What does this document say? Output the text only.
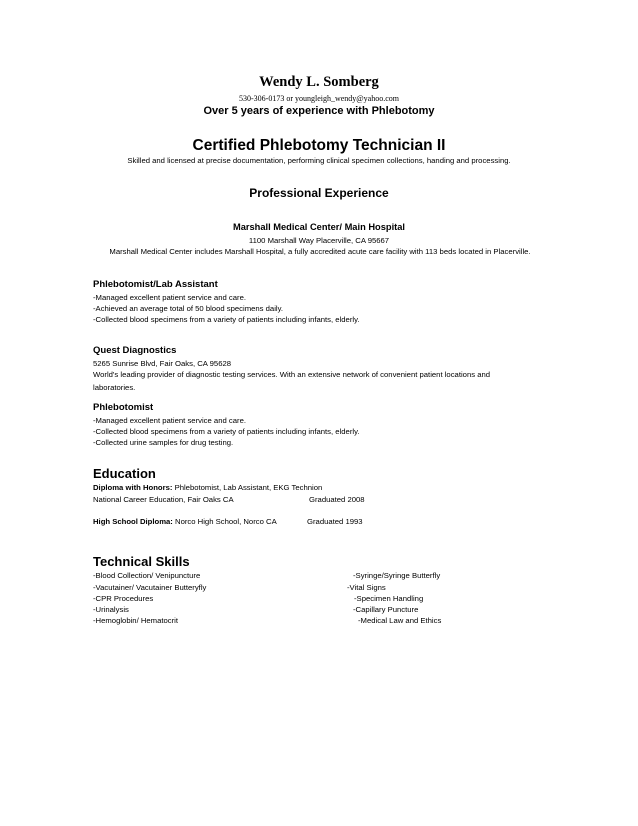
Wendy L. Somberg
530-306-0173 or youngleigh_wendy@yahoo.com
Over 5 years of experience with Phlebotomy
Certified Phlebotomy Technician II
Skilled and licensed at precise documentation, performing clinical specimen collections, handing and processing.
Professional Experience
Marshall Medical Center/ Main Hospital
1100 Marshall Way Placerville, CA 95667
Marshall Medical Center includes Marshall Hospital, a fully accredited acute care facility with 113 beds located in Placerville.
Phlebotomist/Lab Assistant
-Managed excellent patient service and care.
-Achieved an average total of 50 blood specimens daily.
-Collected blood specimens from a variety of patients including infants, elderly.
Quest Diagnostics
5265 Sunrise Blvd, Fair Oaks, CA 95628
World's leading provider of diagnostic testing services. With an extensive network of convenient patient locations and laboratories.
Phlebotomist
-Managed excellent patient service and care.
-Collected blood specimens from a variety of patients including infants, elderly.
-Collected urine samples for drug testing.
Education
Diploma with Honors: Phlebotomist, Lab Assistant, EKG Technion
National Career Education, Fair Oaks CA	Graduated 2008
High School Diploma: Norco High School, Norco CA	Graduated 1993
Technical Skills
-Blood Collection/ Venipuncture
-Vacutainer/ Vacutainer Butteryfly
-CPR Procedures
-Urinalysis
-Hemoglobin/ Hematocrit
-Syringe/Syringe Butterfly
-Vital Signs
-Specimen Handling
-Capillary Puncture
-Medical Law and Ethics
